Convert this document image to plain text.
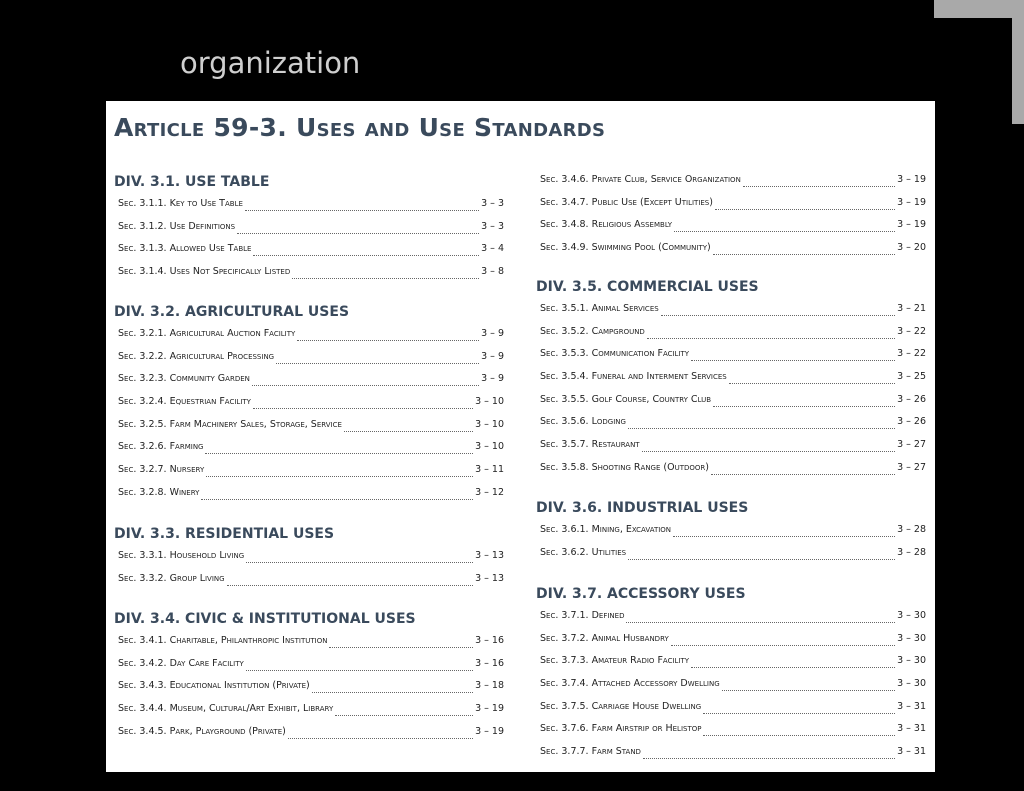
organization
Article 59-3. Uses and Use Standards
DIV. 3.1. USE TABLE
Sec. 3.1.1. Key to Use Table	3 – 3
Sec. 3.1.2. Use Definitions	3 – 3
Sec. 3.1.3. Allowed Use Table	3 – 4
Sec. 3.1.4. Uses Not Specifically Listed	3 – 8
DIV. 3.2. AGRICULTURAL USES
Sec. 3.2.1. Agricultural Auction Facility	3 – 9
Sec. 3.2.2. Agricultural Processing	3 – 9
Sec. 3.2.3. Community Garden	3 – 9
Sec. 3.2.4. Equestrian Facility	3 – 10
Sec. 3.2.5. Farm Machinery Sales, Storage, Service	3 – 10
Sec. 3.2.6. Farming	3 – 10
Sec. 3.2.7. Nursery	3 – 11
Sec. 3.2.8. Winery	3 – 12
DIV. 3.3. RESIDENTIAL USES
Sec. 3.3.1. Household Living	3 – 13
Sec. 3.3.2. Group Living	3 – 13
DIV. 3.4. CIVIC & INSTITUTIONAL USES
Sec. 3.4.1. Charitable, Philanthropic Institution	3 – 16
Sec. 3.4.2. Day Care Facility	3 – 16
Sec. 3.4.3. Educational Institution (Private)	3 – 18
Sec. 3.4.4. Museum, Cultural/Art Exhibit, Library	3 – 19
Sec. 3.4.5. Park, Playground (Private)	3 – 19
Sec. 3.4.6. Private Club, Service Organization	3 – 19
Sec. 3.4.7. Public Use (Except Utilities)	3 – 19
Sec. 3.4.8. Religious Assembly	3 – 19
Sec. 3.4.9. Swimming Pool (Community)	3 – 20
DIV. 3.5. COMMERCIAL USES
Sec. 3.5.1. Animal Services	3 – 21
Sec. 3.5.2. Campground	3 – 22
Sec. 3.5.3. Communication Facility	3 – 22
Sec. 3.5.4. Funeral and Interment Services	3 – 25
Sec. 3.5.5. Golf Course, Country Club	3 – 26
Sec. 3.5.6. Lodging	3 – 26
Sec. 3.5.7. Restaurant	3 – 27
Sec. 3.5.8. Shooting Range (Outdoor)	3 – 27
DIV. 3.6. INDUSTRIAL USES
Sec. 3.6.1. Mining, Excavation	3 – 28
Sec. 3.6.2. Utilities	3 – 28
DIV. 3.7. ACCESSORY USES
Sec. 3.7.1. Defined	3 – 30
Sec. 3.7.2. Animal Husbandry	3 – 30
Sec. 3.7.3. Amateur Radio Facility	3 – 30
Sec. 3.7.4. Attached Accessory Dwelling	3 – 30
Sec. 3.7.5. Carriage House Dwelling	3 – 31
Sec. 3.7.6. Farm Airstrip or Helistop	3 – 31
Sec. 3.7.7. Farm Stand	3 – 31
